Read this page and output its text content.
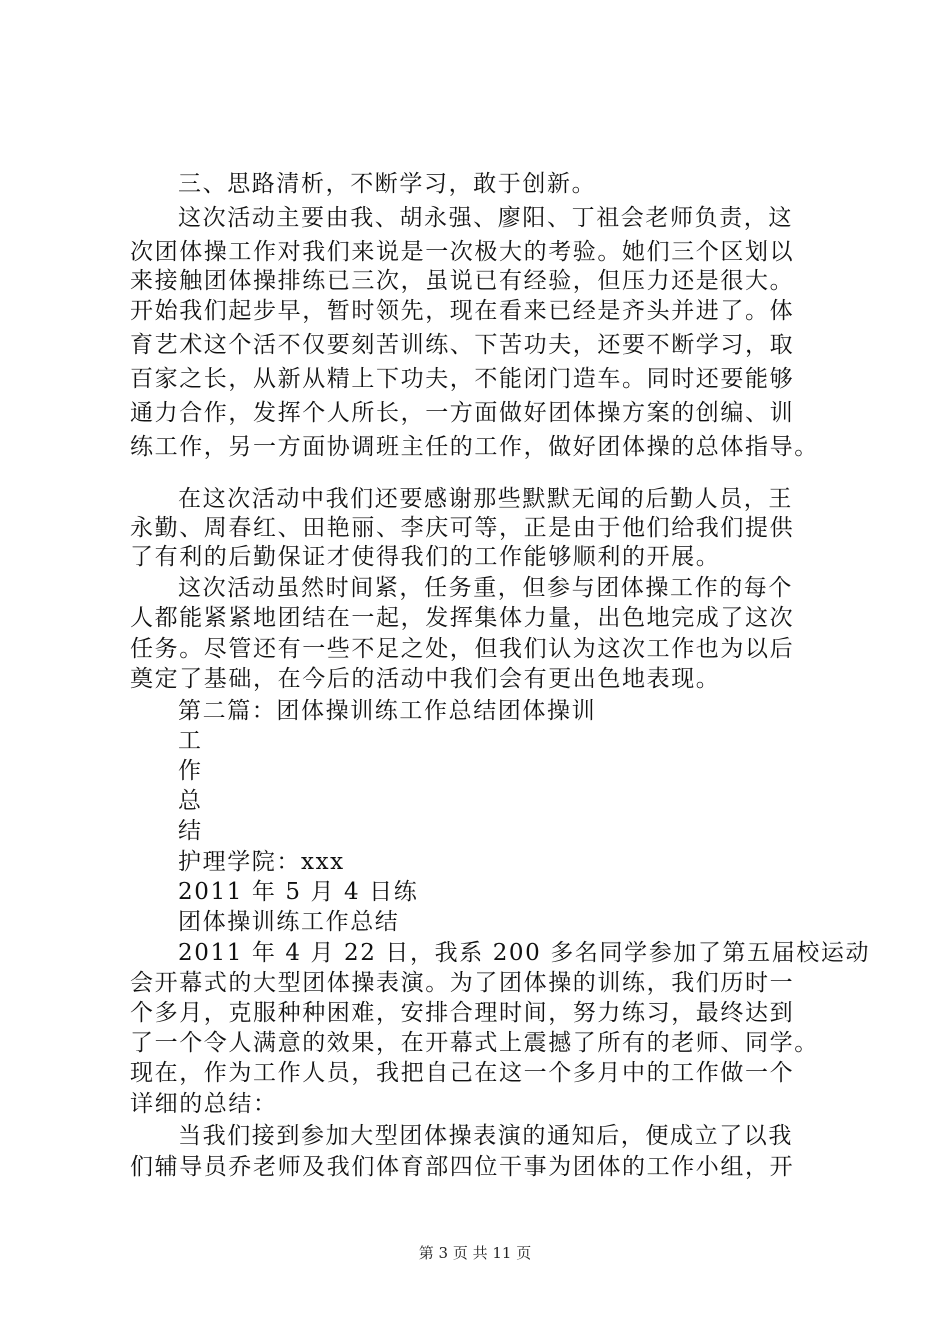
三、思路清析，不断学习，敢于创新。
这次活动主要由我、胡永强、廖阳、丁祖会老师负责，这
次团体操工作对我们来说是一次极大的考验。她们三个区划以
来接触团体操排练已三次，虽说已有经验，但压力还是很大。
开始我们起步早，暂时领先，现在看来已经是齐头并进了。体
育艺术这个活不仅要刻苦训练、下苦功夫，还要不断学习，取
百家之长，从新从精上下功夫，不能闭门造车。同时还要能够
通力合作，发挥个人所长，一方面做好团体操方案的创编、训
练工作，另一方面协调班主任的工作，做好团体操的总体指导。
在这次活动中我们还要感谢那些默默无闻的后勤人员，王
永勤、周春红、田艳丽、李庆可等，正是由于他们给我们提供
了有利的后勤保证才使得我们的工作能够顺利的开展。
这次活动虽然时间紧，任务重，但参与团体操工作的每个
人都能紧紧地团结在一起，发挥集体力量，出色地完成了这次
任务。尽管还有一些不足之处，但我们认为这次工作也为以后
奠定了基础，在今后的活动中我们会有更出色地表现。
第二篇：团体操训练工作总结团体操训
工
作
总
结
护理学院：xxx
2011 年 5 月 4 日练
团体操训练工作总结
2011 年 4 月 22 日，我系 200 多名同学参加了第五届校运动
会开幕式的大型团体操表演。为了团体操的训练，我们历时一
个多月，克服种种困难，安排合理时间，努力练习，最终达到
了一个令人满意的效果，在开幕式上震撼了所有的老师、同学。
现在，作为工作人员，我把自己在这一个多月中的工作做一个
详细的总结：
当我们接到参加大型团体操表演的通知后，便成立了以我
们辅导员乔老师及我们体育部四位干事为团体的工作小组，开
第 3 页 共 11 页
